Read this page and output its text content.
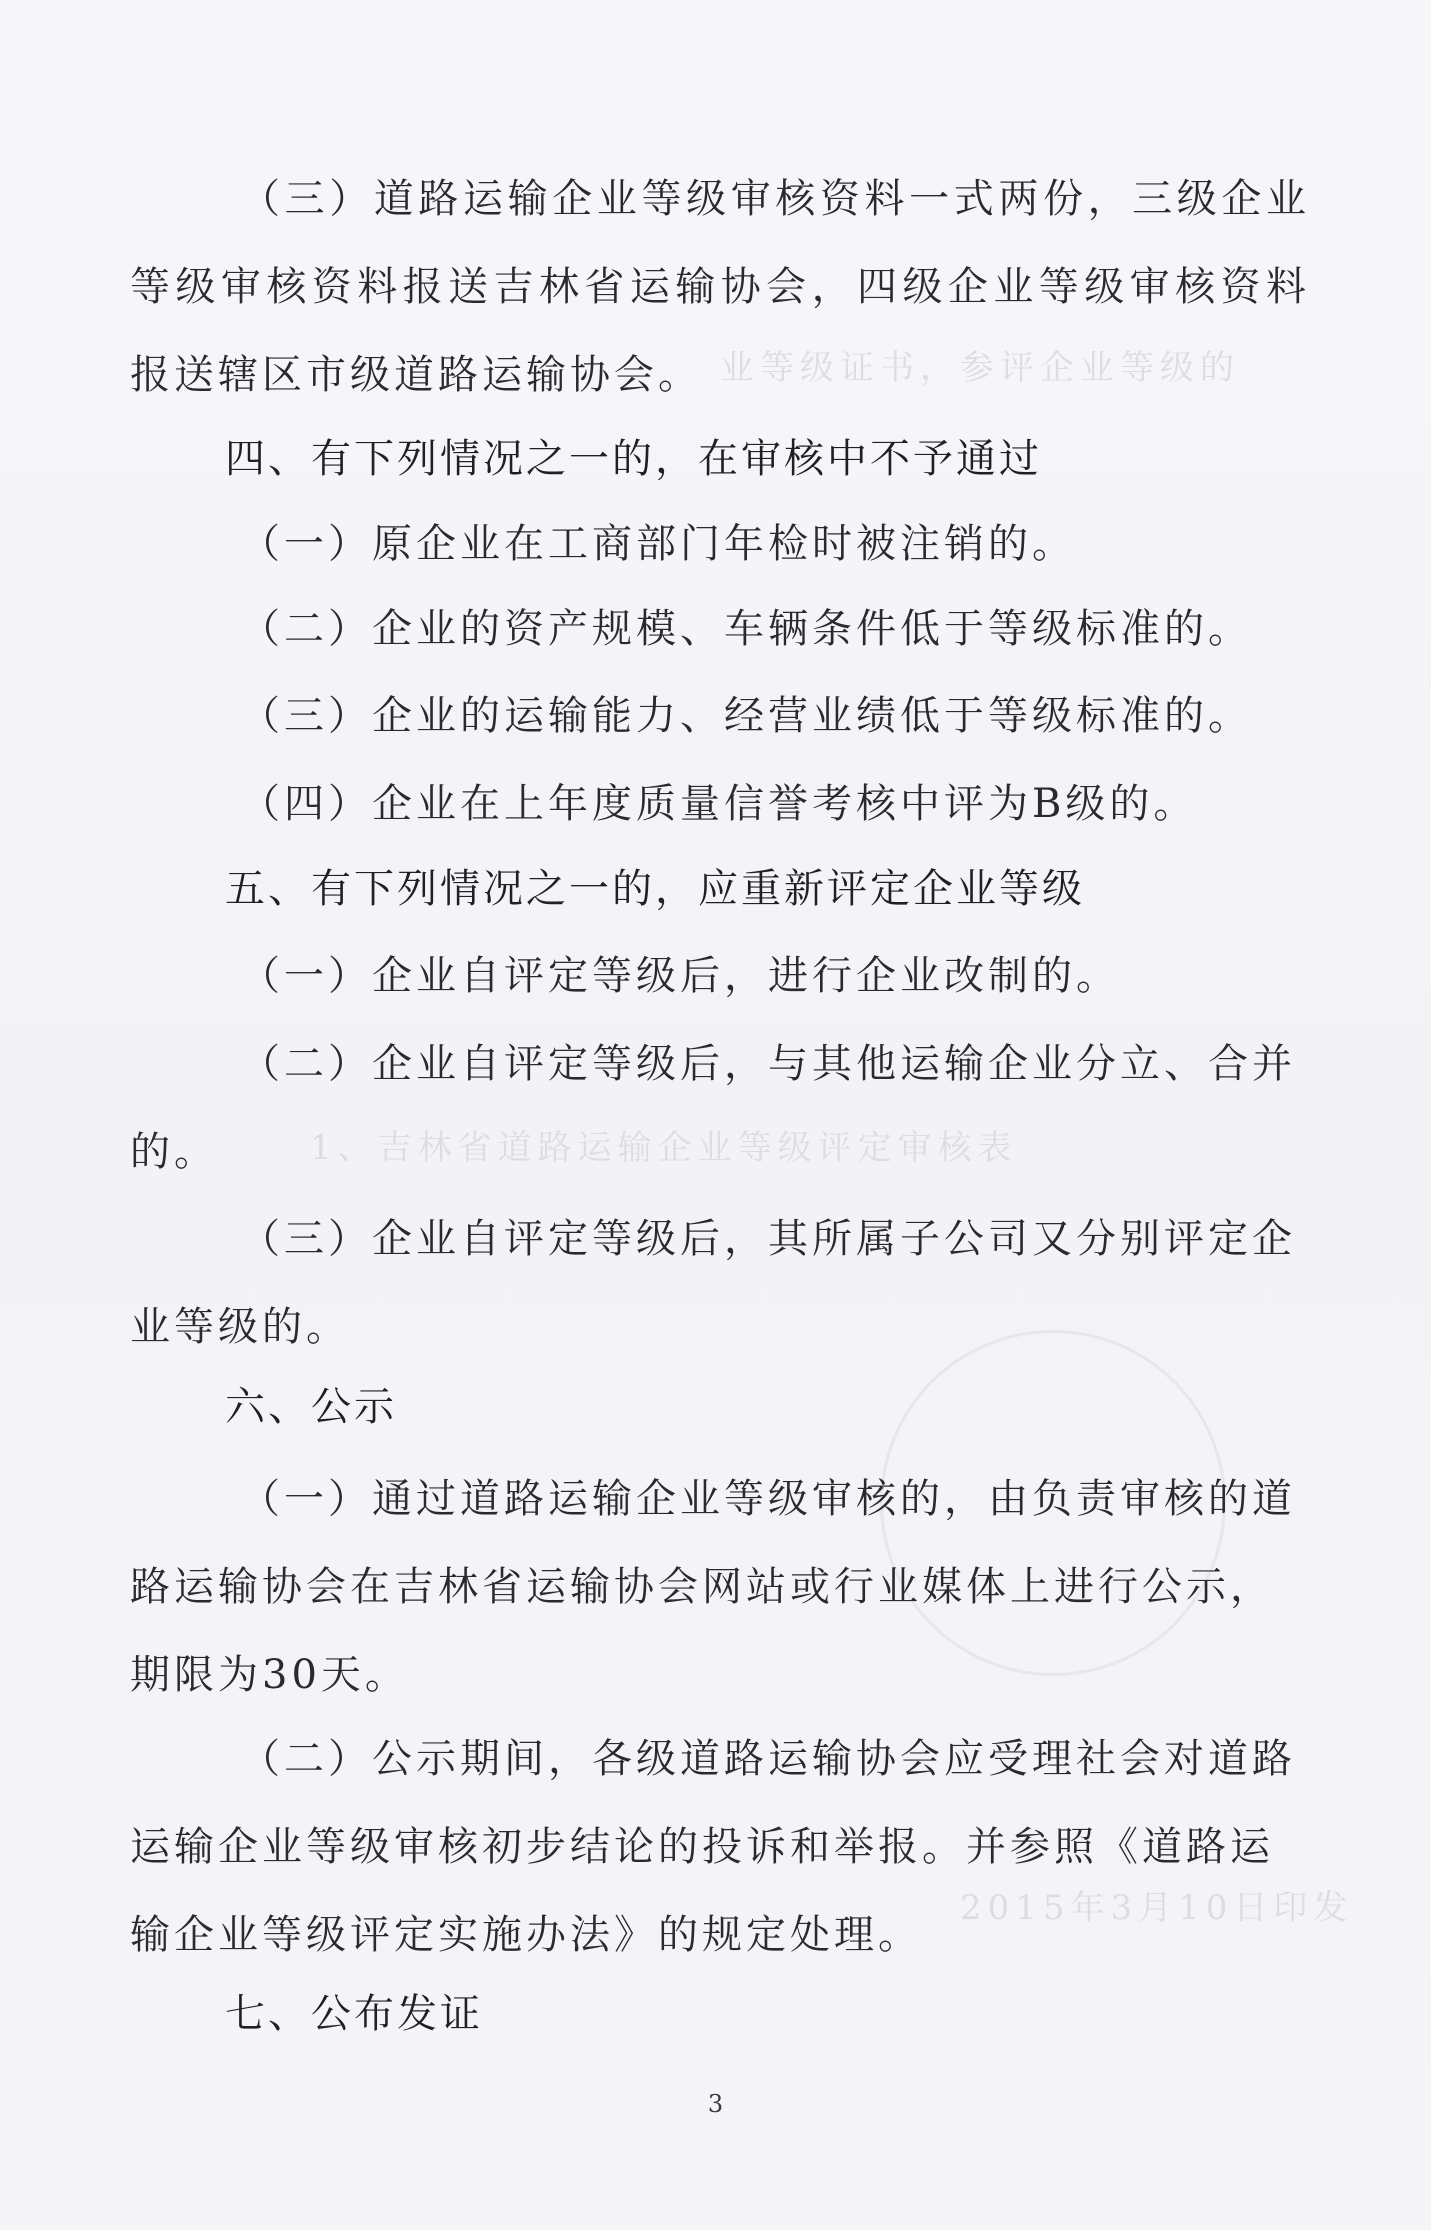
业等级证书，参评企业等级的
1、吉林省道路运输企业等级评定审核表
2015年3月10日印发

（三）道路运输企业等级审核资料一式两份，三级企业等级审核资料报送吉林省运输协会，四级企业等级审核资料报送辖区市级道路运输协会。

四、有下列情况之一的，在审核中不予通过

（一）原企业在工商部门年检时被注销的。

（二）企业的资产规模、车辆条件低于等级标准的。

（三）企业的运输能力、经营业绩低于等级标准的。

（四）企业在上年度质量信誉考核中评为B级的。

五、有下列情况之一的，应重新评定企业等级

（一）企业自评定等级后，进行企业改制的。

（二）企业自评定等级后，与其他运输企业分立、合并的。

（三）企业自评定等级后，其所属子公司又分别评定企业等级的。

六、公示

（一）通过道路运输企业等级审核的，由负责审核的道路运输协会在吉林省运输协会网站或行业媒体上进行公示，期限为30天。

（二）公示期间，各级道路运输协会应受理社会对道路运输企业等级审核初步结论的投诉和举报。并参照《道路运输企业等级评定实施办法》的规定处理。

七、公布发证

3
